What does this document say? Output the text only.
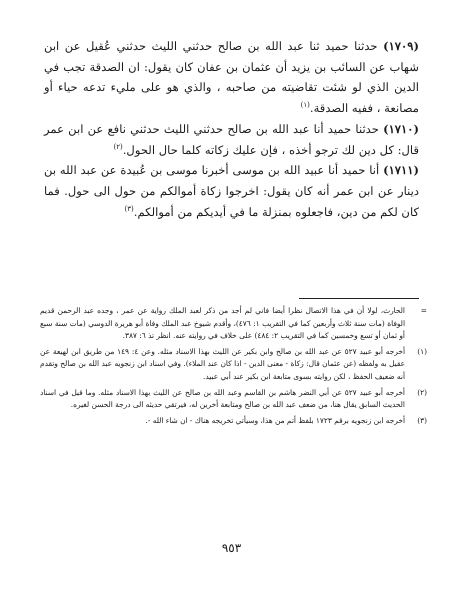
(١٧٠٩) حدثنا حميد ثنا عبد الله بن صالح حدثني الليث حدثني عُقيل عن ابن شهاب عن السائب بن يزيد أن عثمان بن عفان كان يقول: ان الصدقة تجب في الدين الذي لو شئت تقاضيته من صاحبه ، والذي هو على مليء تدعه حياء أو مصانعة ، ففيه الصدقة.$^{(١)}$

(١٧١٠) حدثنا حميد أنا عبد الله بن صالح حدثني الليث حدثني نافع عن ابن عمر قال: كل دين لك ترجو أخذه ، فإن عليك زكاته كلما حال الحول.$^{(٢)}$

(١٧١١) أنا حميد أنا عبيد الله بن موسى أخبرنا موسى بن عُبيدة عن عبد الله بن دينار عن ابن عمر أنه كان يقول: اخرجوا زكاة أموالكم من حول الى حول. فما كان لكم من دين، فاجعلوه بمنزلة ما في أيديكم من أموالكم.$^{(٣)}$

=
الحارث، لولا أن في هذا الاتصال نظرا أيضا فاني لم أجد من ذكر لعبد الملك رواية عن عمر ، وجده عبد الرحمن قديم الوفاة (مات سنة ثلاث وأربعين كما في التقريب ١: ٤٧٦)، وأقدم شيوخ عبد الملك وفاة أبو هريرة الدوسي (مات سنة سبع أو ثمان أو تسع وخمسين كما في التقريب ٢: ٤٨٤) على خلاف في روايته عنه. انظر تذ ٦: ٣٨٧.
(١)
أخرجه أبو عبيد ٥٢٧ عن عبد الله بن صالح وابن بكير عن الليث بهذا الاسناد مثله. وعن ٤: ١٤٩ من طريق ابن لهيعة عن عقيل به ولفظه (عن عثمان قال: زكاة - معنى الدين - اذا كان عند الملاء). وفي اسناد ابن زنجويه عبد الله بن صالح وتقدم أنه ضعيف الحفظ ، لكن روايته بسوى متابعة ابن بكير عند أبي عبيد.
(٢)
أخرجه أبو عبيد ٥٢٧ عن أبي النضر هاشم بن القاسم وعبد الله بن صالح عن الليث بهذا الاسناد مثله. وما قيل في اسناد الحديث السابق يقال هنا، من ضعف عبد الله بن صالح ومتابعة أخرين له، فيرتقي حديثه الى درجة الحسن لغيره.
(٣)
أخرجه ابن زنجويه برقم ١٧٢٣ بلفظ أتم من هذا، وسيأتي تخريجه هناك - ان شاء الله -.
٩٥٣
